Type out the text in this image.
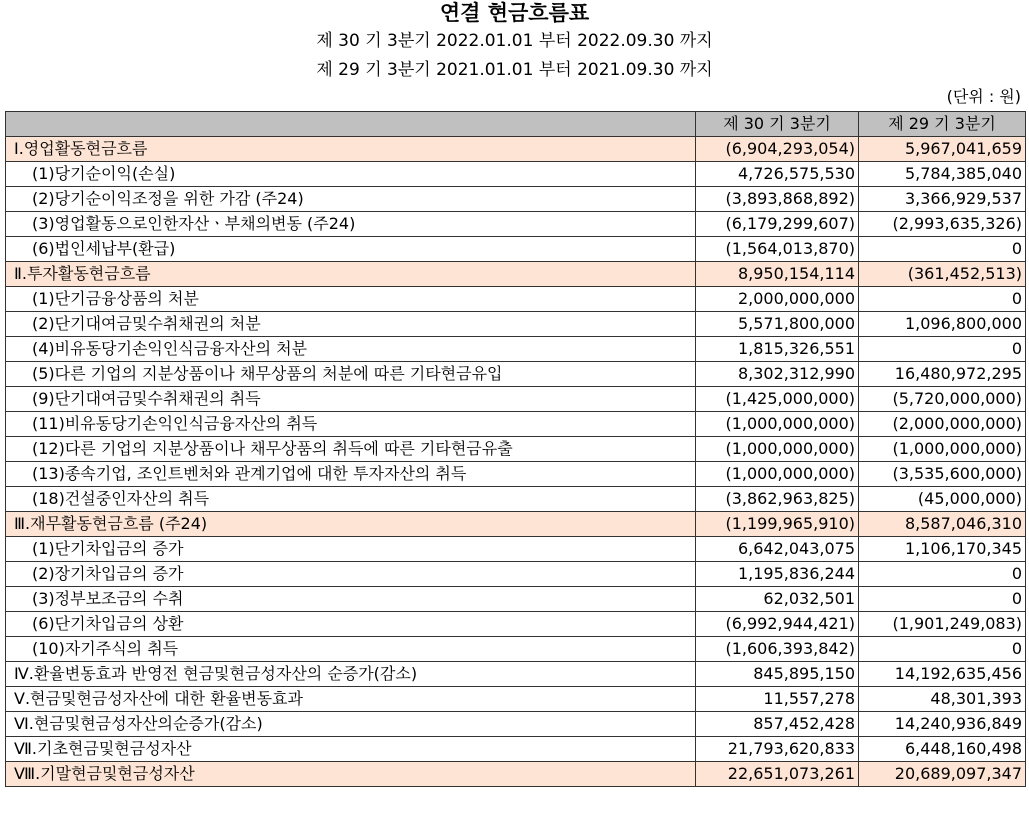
연결 현금흐름표
제 30 기 3분기 2022.01.01 부터 2022.09.30 까지
제 29 기 3분기 2021.01.01 부터 2021.09.30 까지
(단위 : 원)
	제 30 기 3분기	제 29 기 3분기
Ⅰ.영업활동현금흐름	(6,904,293,054)	5,967,041,659
(1)당기순이익(손실)	4,726,575,530	5,784,385,040
(2)당기순이익조정을 위한 가감 (주24)	(3,893,868,892)	3,366,929,537
(3)영업활동으로인한자산ㆍ부채의변동 (주24)	(6,179,299,607)	(2,993,635,326)
(6)법인세납부(환급)	(1,564,013,870)	0
Ⅱ.투자활동현금흐름	8,950,154,114	(361,452,513)
(1)단기금융상품의 처분	2,000,000,000	0
(2)단기대여금및수취채권의 처분	5,571,800,000	1,096,800,000
(4)비유동당기손익인식금융자산의 처분	1,815,326,551	0
(5)다른 기업의 지분상품이나 채무상품의 처분에 따른 기타현금유입	8,302,312,990	16,480,972,295
(9)단기대여금및수취채권의 취득	(1,425,000,000)	(5,720,000,000)
(11)비유동당기손익인식금융자산의 취득	(1,000,000,000)	(2,000,000,000)
(12)다른 기업의 지분상품이나 채무상품의 취득에 따른 기타현금유출	(1,000,000,000)	(1,000,000,000)
(13)종속기업, 조인트벤처와 관계기업에 대한 투자자산의 취득	(1,000,000,000)	(3,535,600,000)
(18)건설중인자산의 취득	(3,862,963,825)	(45,000,000)
Ⅲ.재무활동현금흐름 (주24)	(1,199,965,910)	8,587,046,310
(1)단기차입금의 증가	6,642,043,075	1,106,170,345
(2)장기차입금의 증가	1,195,836,244	0
(3)정부보조금의 수취	62,032,501	0
(6)단기차입금의 상환	(6,992,944,421)	(1,901,249,083)
(10)자기주식의 취득	(1,606,393,842)	0
Ⅳ.환율변동효과 반영전 현금및현금성자산의 순증가(감소)	845,895,150	14,192,635,456
Ⅴ.현금및현금성자산에 대한 환율변동효과	11,557,278	48,301,393
Ⅵ.현금및현금성자산의순증가(감소)	857,452,428	14,240,936,849
Ⅶ.기초현금및현금성자산	21,793,620,833	6,448,160,498
Ⅷ.기말현금및현금성자산	22,651,073,261	20,689,097,347
